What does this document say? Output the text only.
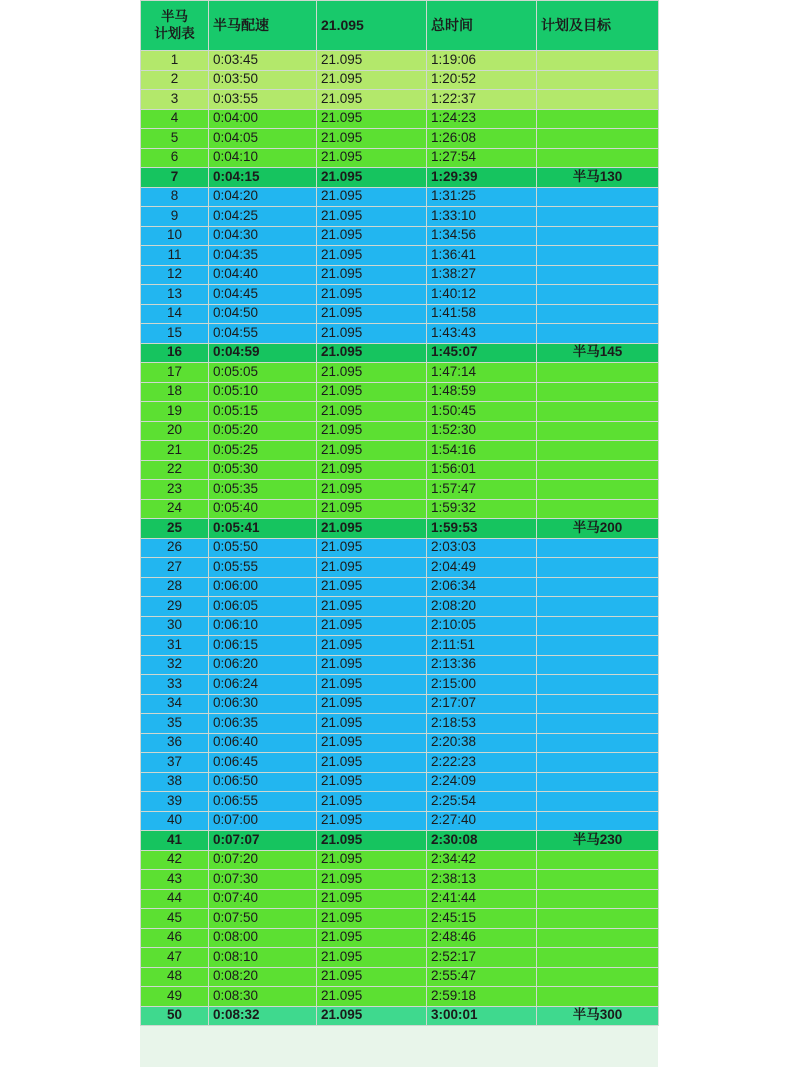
半马
计划表	半马配速	21.095	总时间	计划及目标
1	0:03:45	21.095	1:19:06	
2	0:03:50	21.095	1:20:52	
3	0:03:55	21.095	1:22:37	
4	0:04:00	21.095	1:24:23	
5	0:04:05	21.095	1:26:08	
6	0:04:10	21.095	1:27:54	
7	0:04:15	21.095	1:29:39	半马130
8	0:04:20	21.095	1:31:25	
9	0:04:25	21.095	1:33:10	
10	0:04:30	21.095	1:34:56	
11	0:04:35	21.095	1:36:41	
12	0:04:40	21.095	1:38:27	
13	0:04:45	21.095	1:40:12	
14	0:04:50	21.095	1:41:58	
15	0:04:55	21.095	1:43:43	
16	0:04:59	21.095	1:45:07	半马145
17	0:05:05	21.095	1:47:14	
18	0:05:10	21.095	1:48:59	
19	0:05:15	21.095	1:50:45	
20	0:05:20	21.095	1:52:30	
21	0:05:25	21.095	1:54:16	
22	0:05:30	21.095	1:56:01	
23	0:05:35	21.095	1:57:47	
24	0:05:40	21.095	1:59:32	
25	0:05:41	21.095	1:59:53	半马200
26	0:05:50	21.095	2:03:03	
27	0:05:55	21.095	2:04:49	
28	0:06:00	21.095	2:06:34	
29	0:06:05	21.095	2:08:20	
30	0:06:10	21.095	2:10:05	
31	0:06:15	21.095	2:11:51	
32	0:06:20	21.095	2:13:36	
33	0:06:24	21.095	2:15:00	
34	0:06:30	21.095	2:17:07	
35	0:06:35	21.095	2:18:53	
36	0:06:40	21.095	2:20:38	
37	0:06:45	21.095	2:22:23	
38	0:06:50	21.095	2:24:09	
39	0:06:55	21.095	2:25:54	
40	0:07:00	21.095	2:27:40	
41	0:07:07	21.095	2:30:08	半马230
42	0:07:20	21.095	2:34:42	
43	0:07:30	21.095	2:38:13	
44	0:07:40	21.095	2:41:44	
45	0:07:50	21.095	2:45:15	
46	0:08:00	21.095	2:48:46	
47	0:08:10	21.095	2:52:17	
48	0:08:20	21.095	2:55:47	
49	0:08:30	21.095	2:59:18	
50	0:08:32	21.095	3:00:01	半马300
